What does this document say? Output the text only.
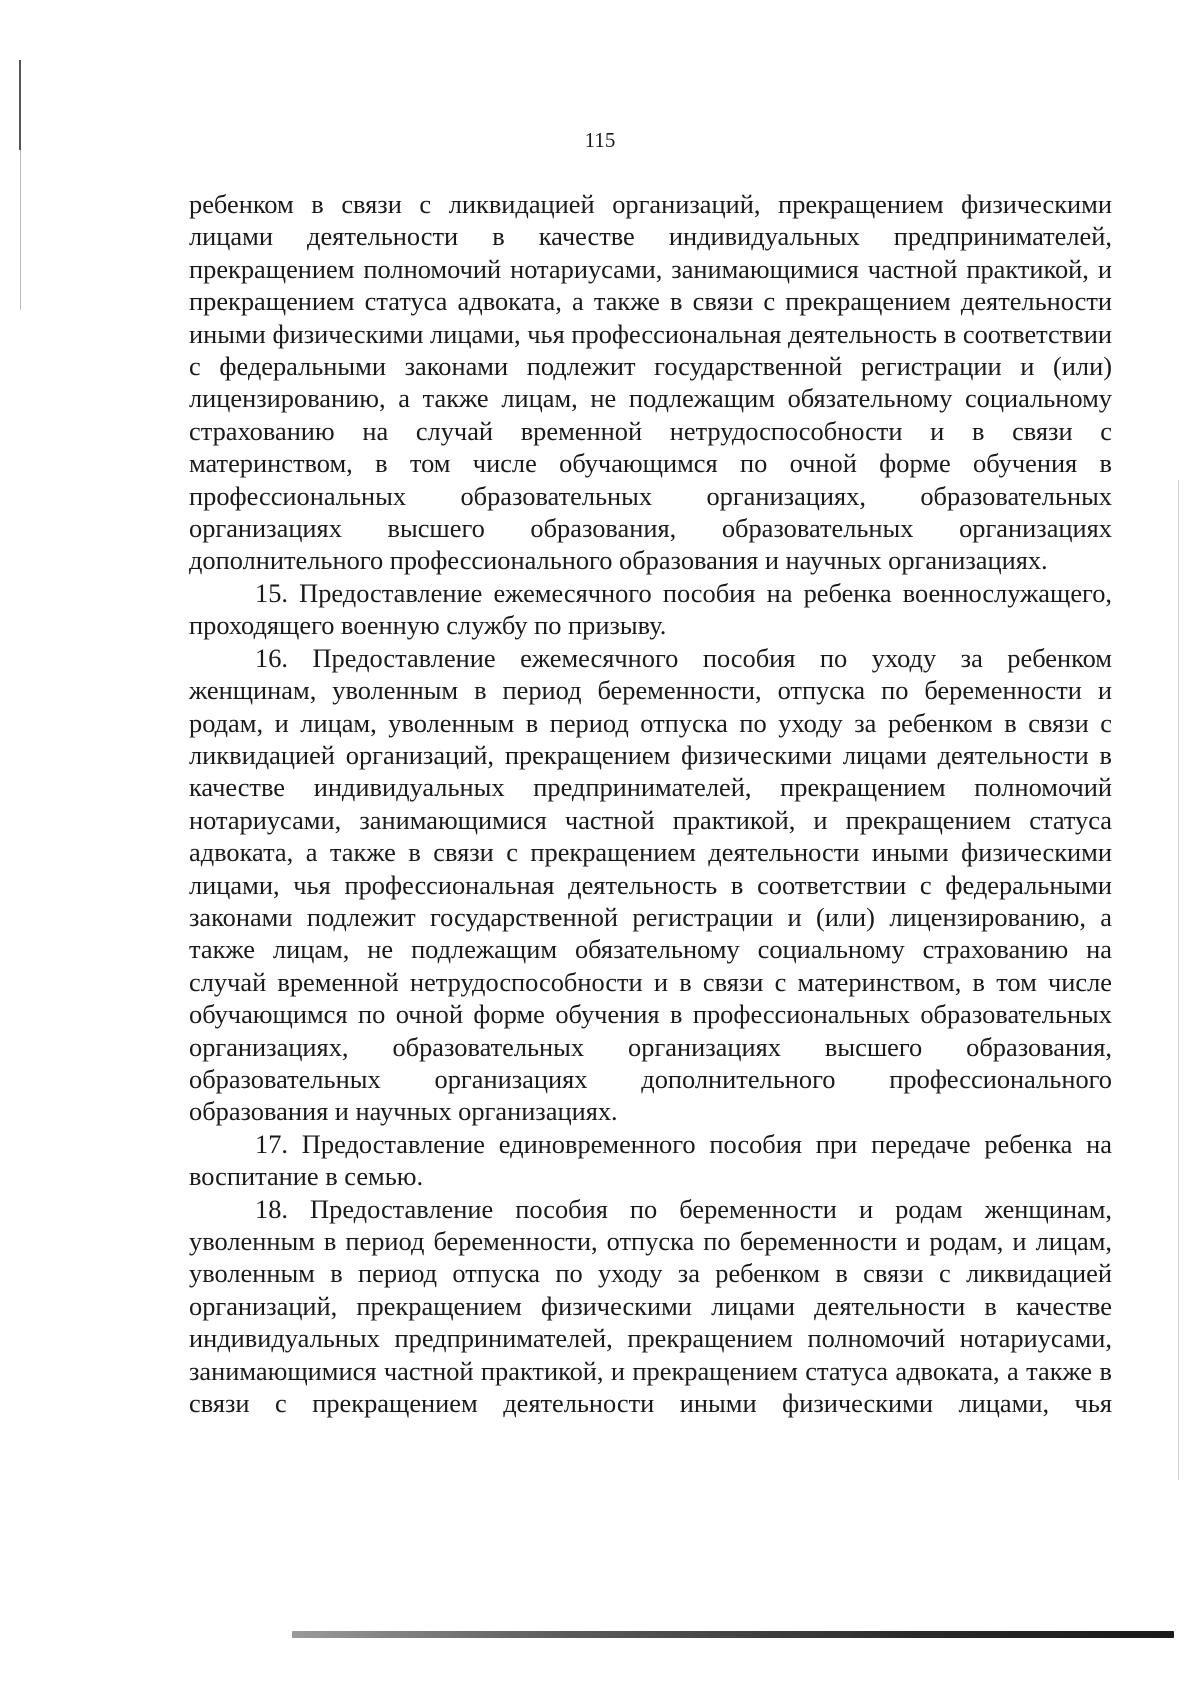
115

ребенком в связи с ликвидацией организаций, прекращением физическими лицами деятельности в качестве индивидуальных предпринимателей, прекращением полномочий нотариусами, занимающимися частной практикой, и прекращением статуса адвоката, а также в связи с прекращением деятельности иными физическими лицами, чья профессиональная деятельность в соответствии с федеральными законами подлежит государственной регистрации и (или) лицензированию, а также лицам, не подлежащим обязательному социальному страхованию на случай временной нетрудоспособности и в связи с материнством, в том числе обучающимся по очной форме обучения в профессиональных образовательных организациях, образовательных организациях высшего образования, образовательных организациях дополнительного профессионального образования и научных организациях.

15. Предоставление ежемесячного пособия на ребенка военнослужащего, проходящего военную службу по призыву.

16. Предоставление ежемесячного пособия по уходу за ребенком женщинам, уволенным в период беременности, отпуска по беременности и родам, и лицам, уволенным в период отпуска по уходу за ребенком в связи с ликвидацией организаций, прекращением физическими лицами деятельности в качестве индивидуальных предпринимателей, прекращением полномочий нотариусами, занимающимися частной практикой, и прекращением статуса адвоката, а также в связи с прекращением деятельности иными физическими лицами, чья профессиональная деятельность в соответствии с федеральными законами подлежит государственной регистрации и (или) лицензированию, а также лицам, не подлежащим обязательному социальному страхованию на случай временной нетрудоспособности и в связи с материнством, в том числе обучающимся по очной форме обучения в профессиональных образовательных организациях, образовательных организациях высшего образования, образовательных организациях дополнительного профессионального образования и научных организациях.

17. Предоставление единовременного пособия при передаче ребенка на воспитание в семью.

18. Предоставление пособия по беременности и родам женщинам, уволенным в период беременности, отпуска по беременности и родам, и лицам, уволенным в период отпуска по уходу за ребенком в связи с ликвидацией организаций, прекращением физическими лицами деятельности в качестве индивидуальных предпринимателей, прекращением полномочий нотариусами, занимающимися частной практикой, и прекращением статуса адвоката, а также в связи с прекращением деятельности иными физическими лицами, чья
